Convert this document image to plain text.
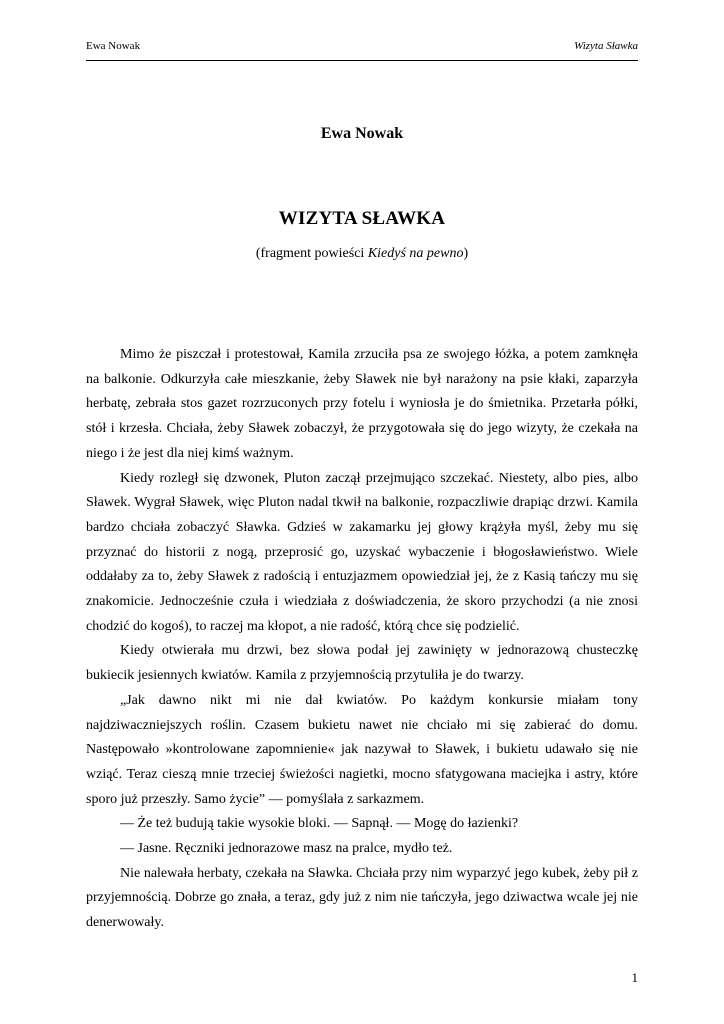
Ewa Nowak	Wizyta Sławka
Ewa Nowak
WIZYTA SŁAWKA
(fragment powieści Kiedyś na pewno)

Mimo że piszczał i protestował, Kamila zrzuciła psa ze swojego łóżka, a potem zamknęła na balkonie. Odkurzyła całe mieszkanie, żeby Sławek nie był narażony na psie kłaki, zaparzyła herbatę, zebrała stos gazet rozrzuconych przy fotelu i wyniosła je do śmietnika. Przetarła półki, stół i krzesła. Chciała, żeby Sławek zobaczył, że przygotowała się do jego wizyty, że czekała na niego i że jest dla niej kimś ważnym.

Kiedy rozległ się dzwonek, Pluton zaczął przejmująco szczekać. Niestety, albo pies, albo Sławek. Wygrał Sławek, więc Pluton nadal tkwił na balkonie, rozpaczliwie drapiąc drzwi. Kamila bardzo chciała zobaczyć Sławka. Gdzieś w zakamarku jej głowy krążyła myśl, żeby mu się przyznać do historii z nogą, przeprosić go, uzyskać wybaczenie i błogosławieństwo. Wiele oddałaby za to, żeby Sławek z radością i entuzjazmem opowiedział jej, że z Kasią tańczy mu się znakomicie. Jednocześnie czuła i wiedziała z doświadczenia, że skoro przychodzi (a nie znosi chodzić do kogoś), to raczej ma kłopot, a nie radość, którą chce się podzielić.

Kiedy otwierała mu drzwi, bez słowa podał jej zawinięty w jednorazową chusteczkę bukiecik jesiennych kwiatów. Kamila z przyjemnością przytuliła je do twarzy.

„Jak dawno nikt mi nie dał kwiatów. Po każdym konkursie miałam tony najdziwaczniejszych roślin. Czasem bukietu nawet nie chciało mi się zabierać do domu. Następowało »kontrolowane zapomnienie« jak nazywał to Sławek, i bukietu udawało się nie wziąć. Teraz cieszą mnie trzeciej świeżości nagietki, mocno sfatygowana maciejka i astry, które sporo już przeszły. Samo życie” — pomyślała z sarkazmem.

— Że też budują takie wysokie bloki. — Sapnął. — Mogę do łazienki?

— Jasne. Ręczniki jednorazowe masz na pralce, mydło też.

Nie nalewała herbaty, czekała na Sławka. Chciała przy nim wyparzyć jego kubek, żeby pił z przyjemnością. Dobrze go znała, a teraz, gdy już z nim nie tańczyła, jego dziwactwa wcale jej nie denerwowały.

1
